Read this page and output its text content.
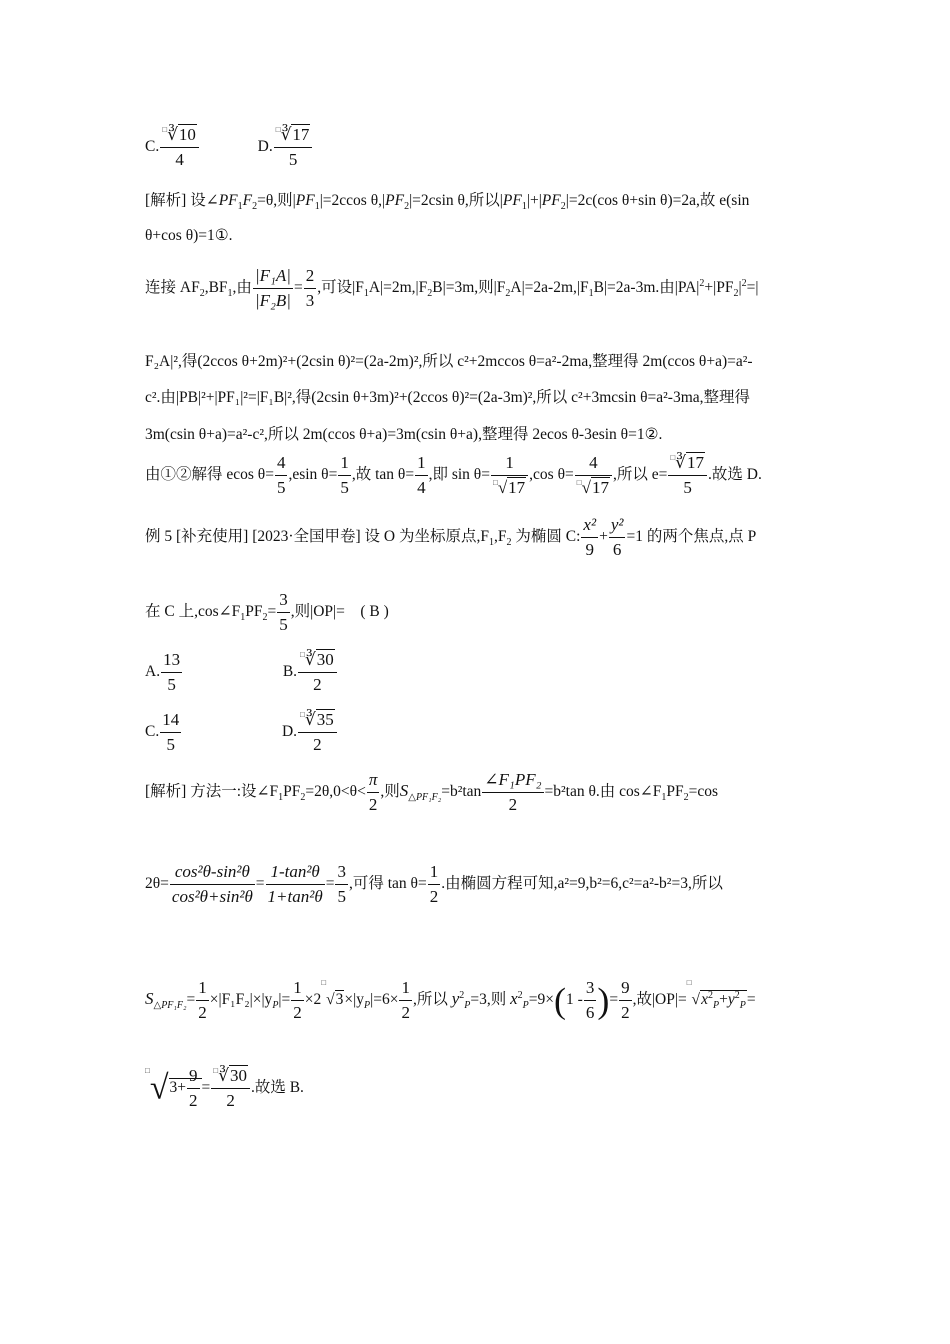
C. $\frac{^□∛10}{4}$	D. $\frac{^□∛17}{5}$
[解析] 设$\angle PF_1F_2=\theta$,则$|PF_1|=2ccos$ $\theta,|PF_2|=2csin$ θ,所以$|PF_1|+|PF_2|=2c(\cos$ θ+sin θ)=2a,故 e(sin
θ+cos θ)=1①.
连接 $AF_2,BF_1$,由 $\frac{\text{|F₁A|}}{\text{|F₂B|}} = \frac{2}{3}$ ,可设$|F_1A|=2m,|F_2B|=3m$,则$|F_2A|=2a-2m,|F_1B|=2a-3m$.由$|PA|^2+|PF_2|^2=|$
F₂A|²,得(2ccos θ+2m)²+(2csin θ)²=(2a-2m)²,所以 c²+2mccos θ=a²-2ma,整理得 2m(ccos θ+a)=a²-
c².由|PB|²+|PF₁|²=|F₁B|²,得(2csin θ+3m)²+(2ccos θ)²=(2a-3m)²,所以 c²+3mcsin θ=a²-3ma,整理得
3m(csin θ+a)=a²-c²,所以 2m(ccos θ+a)=3m(csin θ+a),整理得 2ecos θ-3esin θ=1②.
由①②解得 ecos $\theta= \frac{4}{5} ,esin$ $\theta= \frac{1}{5}$ ,故 $\tan \theta= \frac{1}{4}$ ,即 $\sin \theta= \frac{1}{^□√17} ,\cos$ $\theta= \frac{4}{^□√17}$ ,所以 $e= \frac{^□∛17}{5}$ .故选 D.
例 5 [补充使用] [2023·全国甲卷] 设 O 为坐标原点$,F_1,F_2$ 为椭圆 C: $\frac{\text{x²}}{9} + \frac{\text{y²}}{6} =1$ 的两个焦点,点 P
在 C 上$,\cos\angle F_1PF_2= \frac{3}{5}$ ,则|OP|=　( B )
A. $\frac{13}{5}$	B. $\frac{^□∛30}{2}$
C. $\frac{14}{5}$	D. $\frac{^□∛35}{2}$
[解析] 方法一:设$\angle F_1PF_2=2\theta,0<\theta< \frac{\pi}{2}$ ,则$S_{\triangle PF_1F_2}=b^2\tan \frac{\text{∠F₁PF₂}}{2} =b^2\tan$ θ.由 $\cos\angle F_1PF_2=\cos$
$2\theta= \frac{\text{cos²θ-sin²θ}}{\text{cos²θ+sin²θ}} = \frac{\text{1-tan²θ}}{\text{1+tan²θ}} = \frac{3}{5}$ ,可得 $\tan \theta= \frac{1}{2}$ .由椭圆方程可知,a²=9,b²=6,c²=a²-b²=3,所以
$S_{\triangle PF_1F_2}= \frac{1}{2} \times|F_1F_2|\times|y_P|= \frac{1}{2} \times 2^□√3\times|y_P|=6\times \frac{1}{2}$ ,所以 $y^2_P=3$,则 $x^2_P=9\times(1 - \frac{3}{6}$ )= $\frac{9}{2}$ ,故$|OP|=^□√x^2_P+y^2_P=$
$^□√3+ \frac{9}{2} = \frac{^□∛30}{2}$ .故选 B.
